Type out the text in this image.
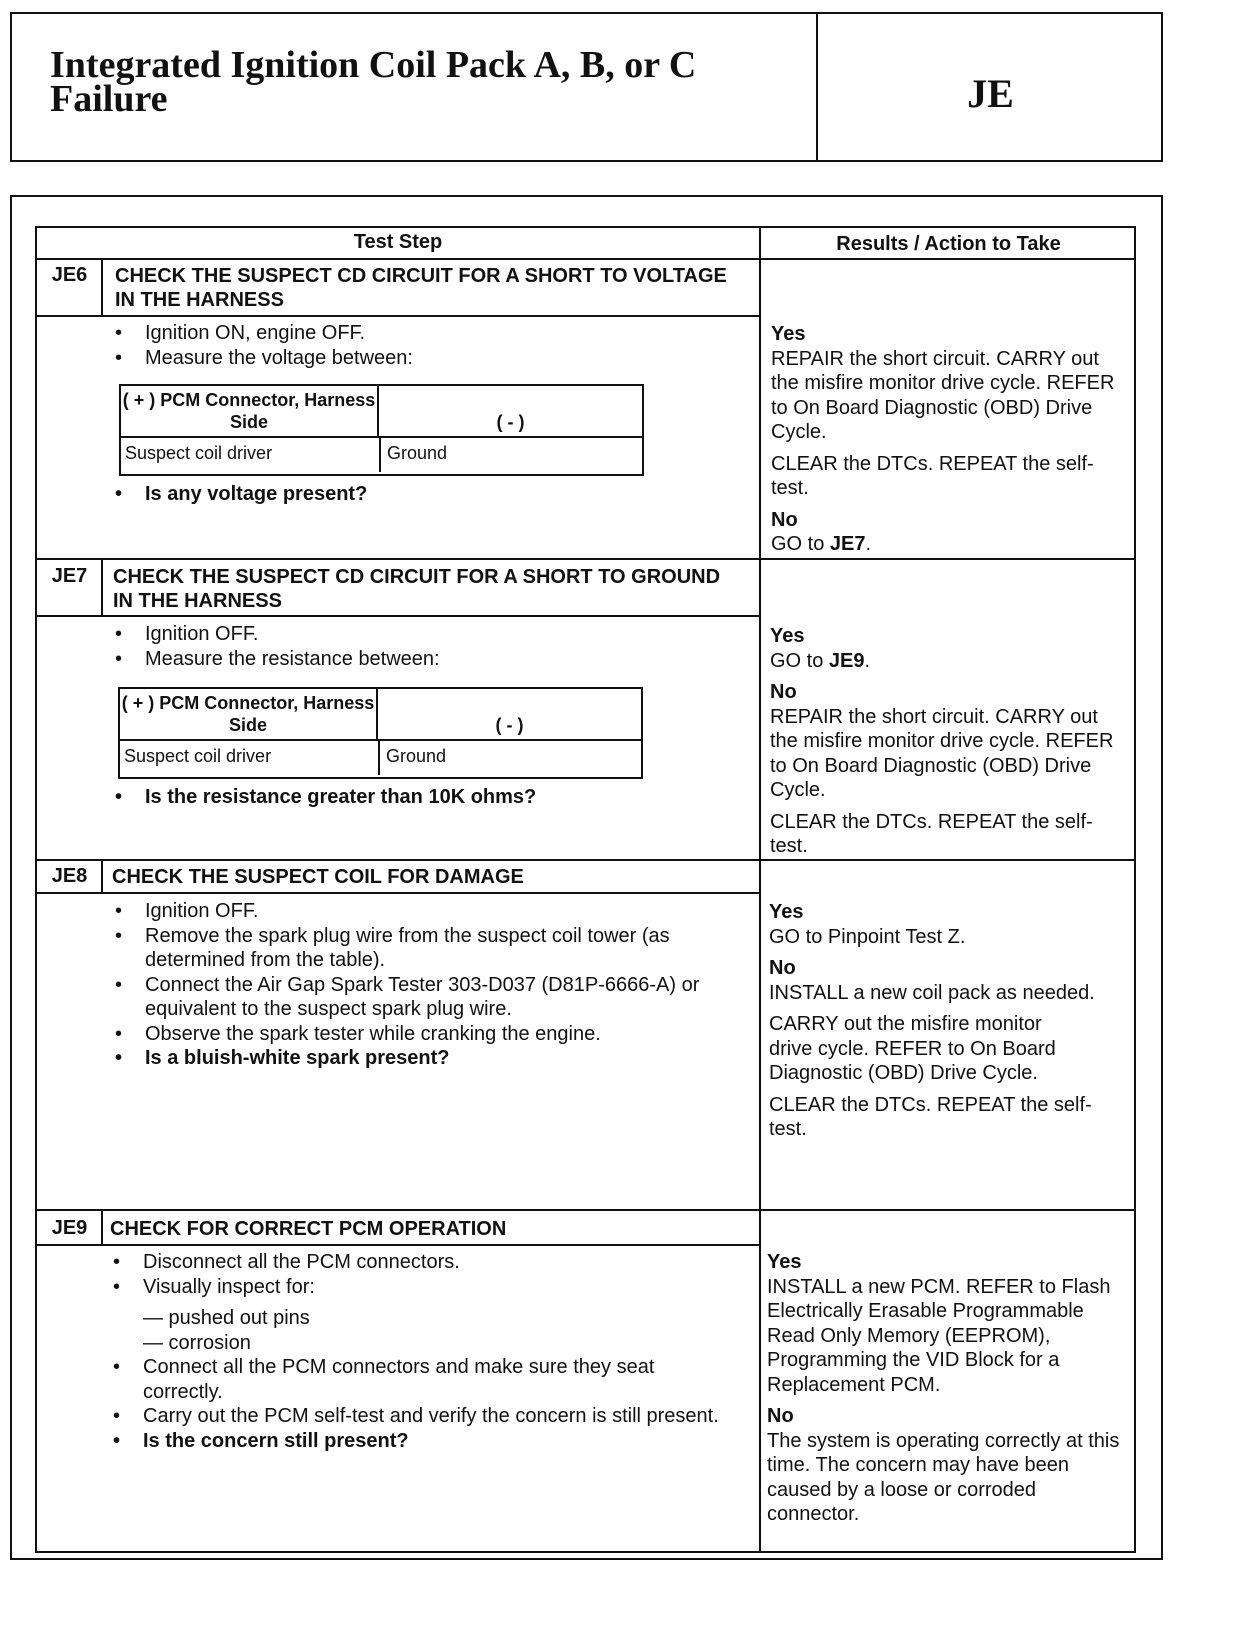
Integrated Ignition Coil Pack A, B, or C
Failure	JE
Test Step	Results / Action to Take
JE6	CHECK THE SUSPECT CD CIRCUIT FOR A SHORT TO VOLTAGE IN THE HARNESS
• Ignition ON, engine OFF.
• Measure the voltage between:
( + ) PCM Connector, Harness Side	( - )
Suspect coil driver	Ground
• Is any voltage present?

Yes
REPAIR the short circuit. CARRY out the misfire monitor drive cycle. REFER to On Board Diagnostic (OBD) Drive Cycle.

CLEAR the DTCs. REPEAT the self-test.

No
GO to JE7.

JE7	CHECK THE SUSPECT CD CIRCUIT FOR A SHORT TO GROUND IN THE HARNESS
• Ignition OFF.
• Measure the resistance between:
( + ) PCM Connector, Harness Side	( - )
Suspect coil driver	Ground
• Is the resistance greater than 10K ohms?

Yes
GO to JE9.

No
REPAIR the short circuit. CARRY out the misfire monitor drive cycle. REFER to On Board Diagnostic (OBD) Drive Cycle.

CLEAR the DTCs. REPEAT the self-test.

JE8	CHECK THE SUSPECT COIL FOR DAMAGE
• Ignition OFF.
• Remove the spark plug wire from the suspect coil tower (as determined from the table).
• Connect the Air Gap Spark Tester 303-D037 (D81P-6666-A) or equivalent to the suspect spark plug wire.
• Observe the spark tester while cranking the engine.
• Is a bluish-white spark present?

Yes
GO to Pinpoint Test Z.

No
INSTALL a new coil pack as needed.

CARRY out the misfire monitor drive cycle. REFER to On Board Diagnostic (OBD) Drive Cycle.

CLEAR the DTCs. REPEAT the self-test.

JE9	CHECK FOR CORRECT PCM OPERATION
• Disconnect all the PCM connectors.
• Visually inspect for:
— pushed out pins
— corrosion
• Connect all the PCM connectors and make sure they seat correctly.
• Carry out the PCM self-test and verify the concern is still present.
• Is the concern still present?

Yes
INSTALL a new PCM. REFER to Flash Electrically Erasable Programmable Read Only Memory (EEPROM), Programming the VID Block for a Replacement PCM.

No
The system is operating correctly at this time. The concern may have been caused by a loose or corroded connector.
